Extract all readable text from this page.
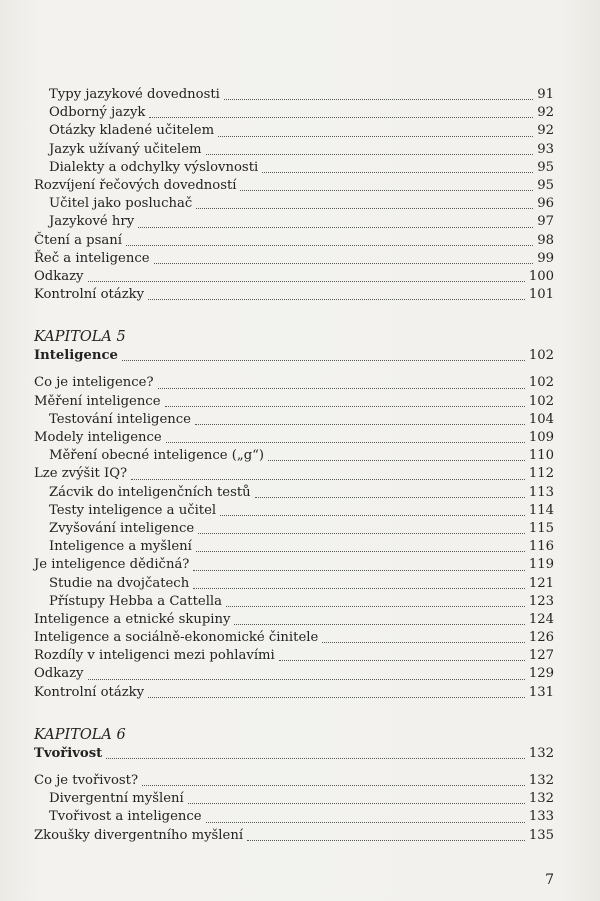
Typy jazykové dovednosti	91
Odborný jazyk	92
Otázky kladené učitelem	92
Jazyk užívaný učitelem	93
Dialekty a odchylky výslovnosti	95
Rozvíjení řečových dovedností	95
Učitel jako posluchač	96
Jazykové hry	97
Čtení a psaní	98
Řeč a inteligence	99
Odkazy	100
Kontrolní otázky	101
KAPITOLA 5
Inteligence	102
Co je inteligence?	102
Měření inteligence	102
Testování inteligence	104
Modely inteligence	109
Měření obecné inteligence („g“)	110
Lze zvýšit IQ?	112
Zácvik do inteligenčních testů	113
Testy inteligence a učitel	114
Zvyšování inteligence	115
Inteligence a myšlení	116
Je inteligence dědičná?	119
Studie na dvojčatech	121
Přístupy Hebba a Cattella	123
Inteligence a etnické skupiny	124
Inteligence a sociálně-ekonomické činitele	126
Rozdíly v inteligenci mezi pohlavími	127
Odkazy	129
Kontrolní otázky	131
KAPITOLA 6
Tvořivost	132
Co je tvořivost?	132
Divergentní myšlení	132
Tvořivost a inteligence	133
Zkoušky divergentního myšlení	135
7
